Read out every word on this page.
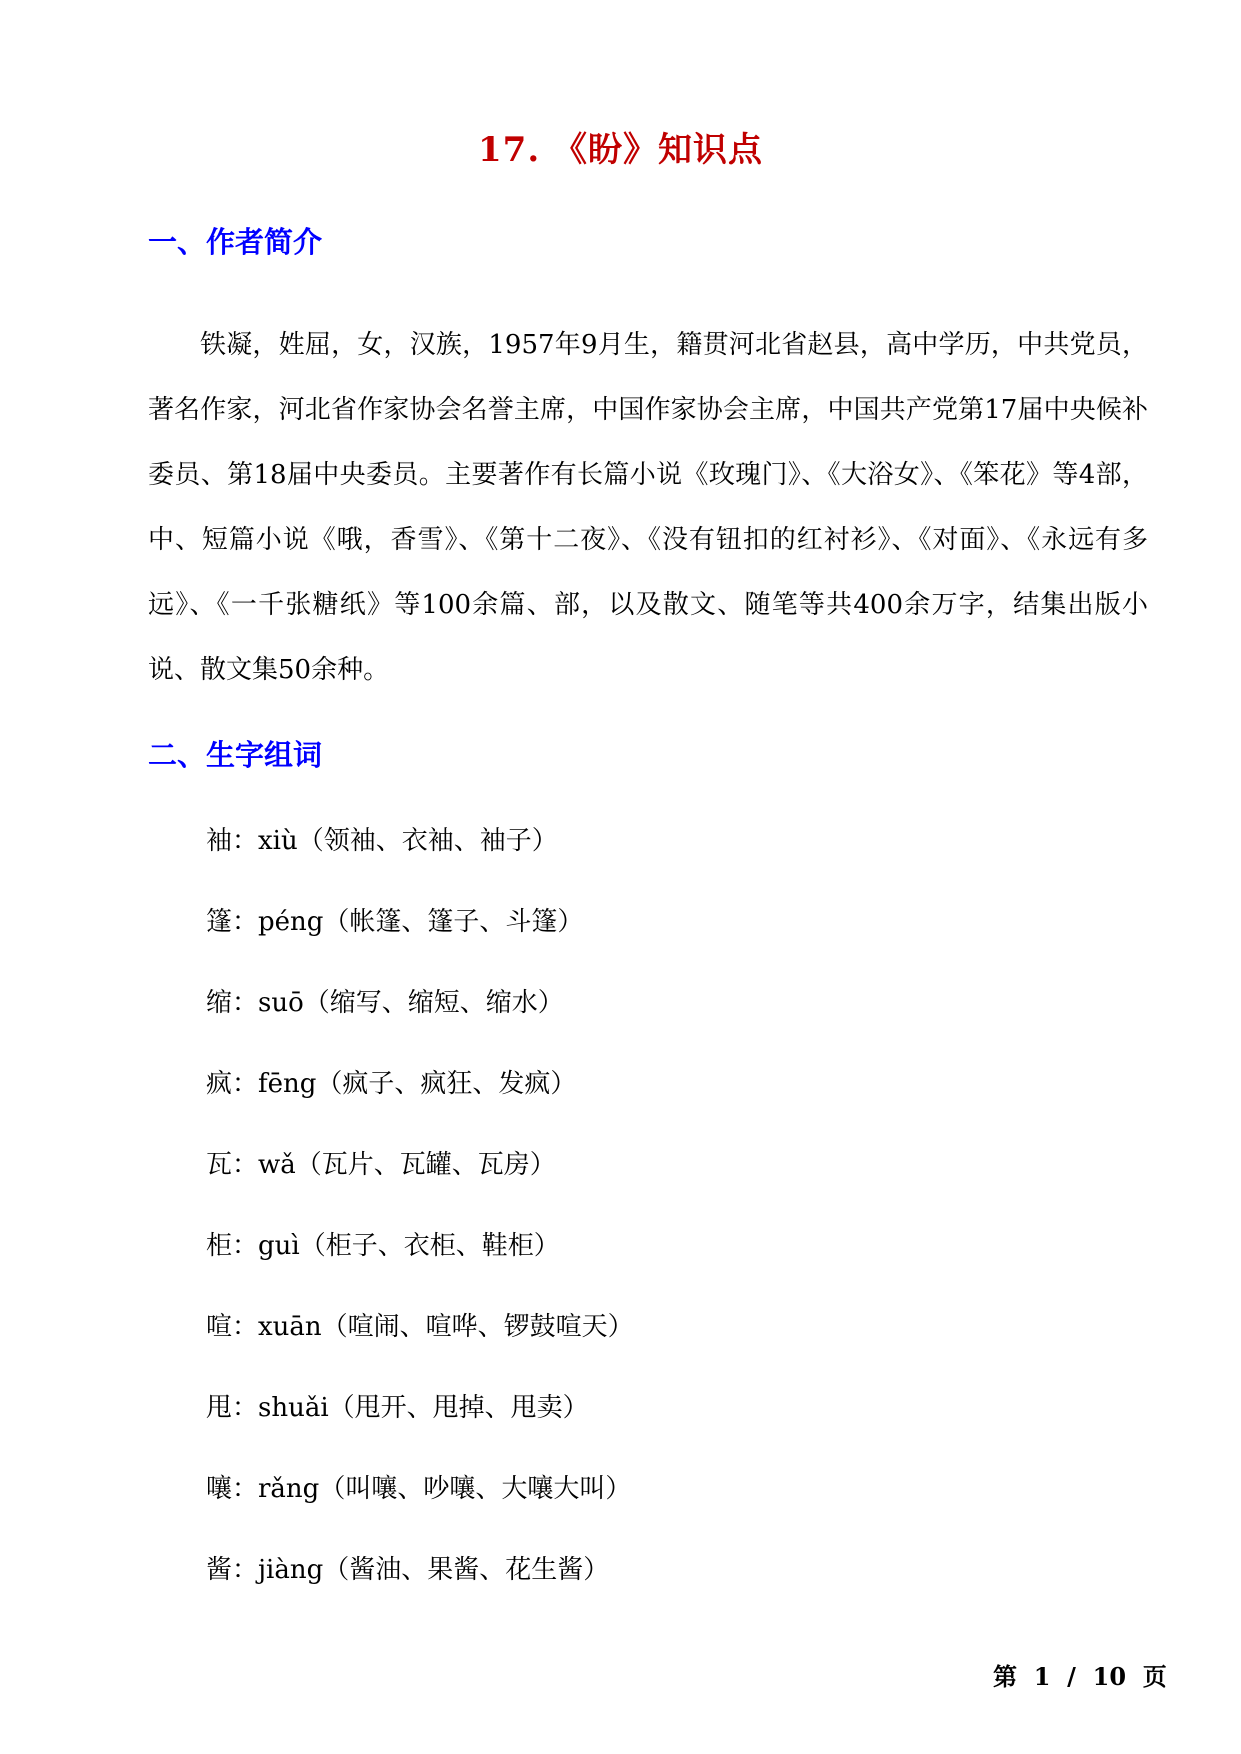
17. 《盼》知识点
一、作者简介

铁凝，姓屈，女，汉族，1957年9月生，籍贯河北省赵县，高中学历，中共党员，著名作家，河北省作家协会名誉主席，中国作家协会主席，中国共产党第17届中央候补委员、第18届中央委员。主要著作有长篇小说《玫瑰门》、《大浴女》、《笨花》等4部，中、短篇小说《哦，香雪》、《第十二夜》、《没有钮扣的红衬衫》、《对面》、《永远有多远》、《一千张糖纸》等100余篇、部，以及散文、随笔等共400余万字，结集出版小说、散文集50余种。

二、生字组词
袖：xiù（领袖、衣袖、袖子）
篷：péng（帐篷、篷子、斗篷）
缩：suō（缩写、缩短、缩水）
疯：fēng（疯子、疯狂、发疯）
瓦：wǎ（瓦片、瓦罐、瓦房）
柜：guì（柜子、衣柜、鞋柜）
喧：xuān（喧闹、喧哗、锣鼓喧天）
甩：shuǎi（甩开、甩掉、甩卖）
嚷：rǎng（叫嚷、吵嚷、大嚷大叫）
酱：jiàng（酱油、果酱、花生酱）
第 1 / 10 页
